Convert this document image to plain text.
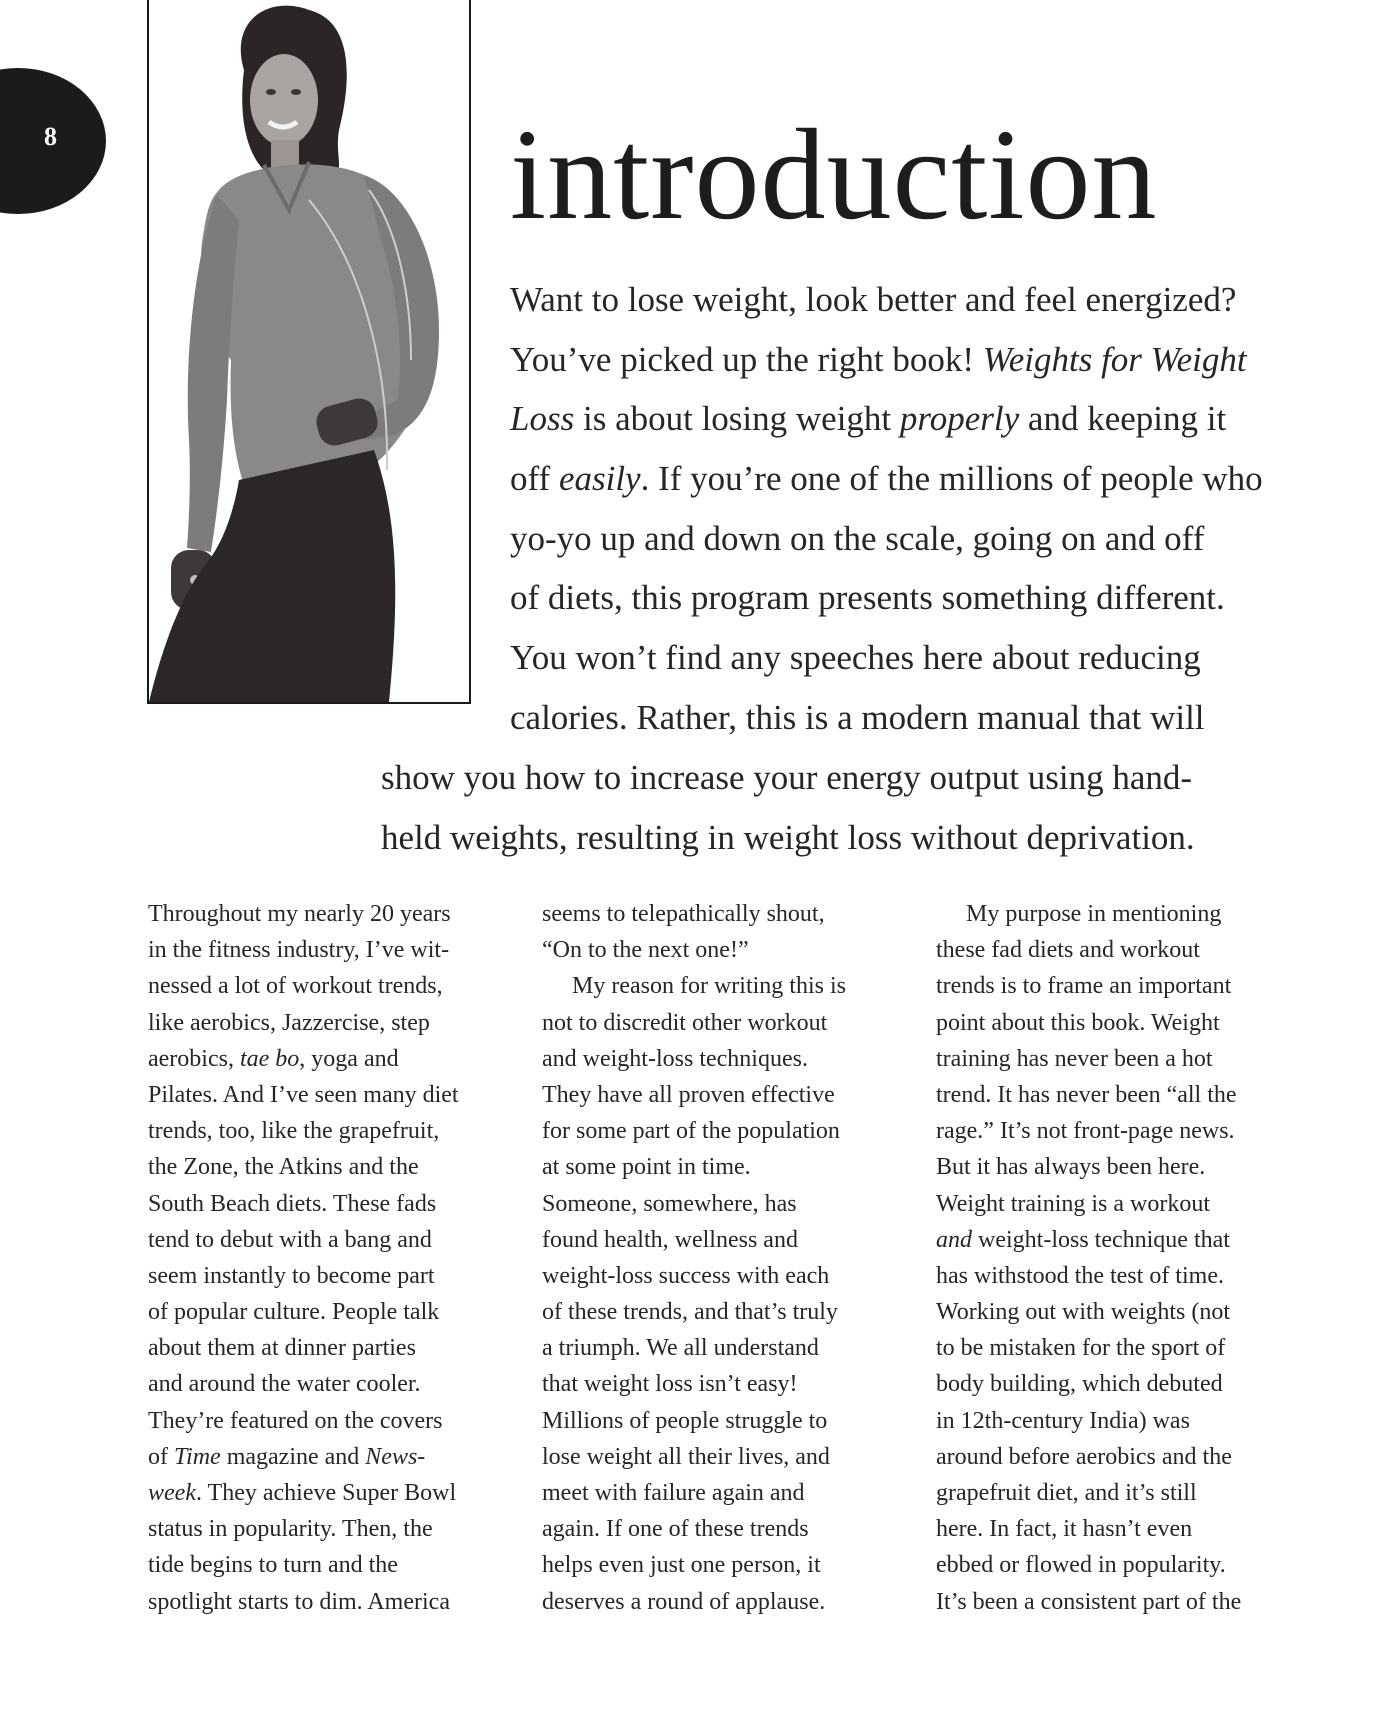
8	introduction
Want to lose weight, look better and feel energized?
You’ve picked up the right book! Weights for Weight
Loss is about losing weight properly and keeping it
off easily. If you’re one of the millions of people who
yo-yo up and down on the scale, going on and off
of diets, this program presents something different.
You won’t find any speeches here about reducing
calories. Rather, this is a modern manual that will
show you how to increase your energy output using hand-
held weights, resulting in weight loss without deprivation.
Throughout my nearly 20 years
in the fitness industry, I’ve wit-
nessed a lot of workout trends,
like aerobics, Jazzercise, step
aerobics, tae bo, yoga and
Pilates. And I’ve seen many diet
trends, too, like the grapefruit,
the Zone, the Atkins and the
South Beach diets. These fads
tend to debut with a bang and
seem instantly to become part
of popular culture. People talk
about them at dinner parties
and around the water cooler.
They’re featured on the covers
of Time magazine and News-
week. They achieve Super Bowl
status in popularity. Then, the
tide begins to turn and the
spotlight starts to dim. America
seems to telepathically shout,
“On to the next one!”
My reason for writing this is
not to discredit other workout
and weight-loss techniques.
They have all proven effective
for some part of the population
at some point in time.
Someone, somewhere, has
found health, wellness and
weight-loss success with each
of these trends, and that’s truly
a triumph. We all understand
that weight loss isn’t easy!
Millions of people struggle to
lose weight all their lives, and
meet with failure again and
again. If one of these trends
helps even just one person, it
deserves a round of applause.
My purpose in mentioning
these fad diets and workout
trends is to frame an important
point about this book. Weight
training has never been a hot
trend. It has never been “all the
rage.” It’s not front-page news.
But it has always been here.
Weight training is a workout
and weight-loss technique that
has withstood the test of time.
Working out with weights (not
to be mistaken for the sport of
body building, which debuted
in 12th-century India) was
around before aerobics and the
grapefruit diet, and it’s still
here. In fact, it hasn’t even
ebbed or flowed in popularity.
It’s been a consistent part of the
